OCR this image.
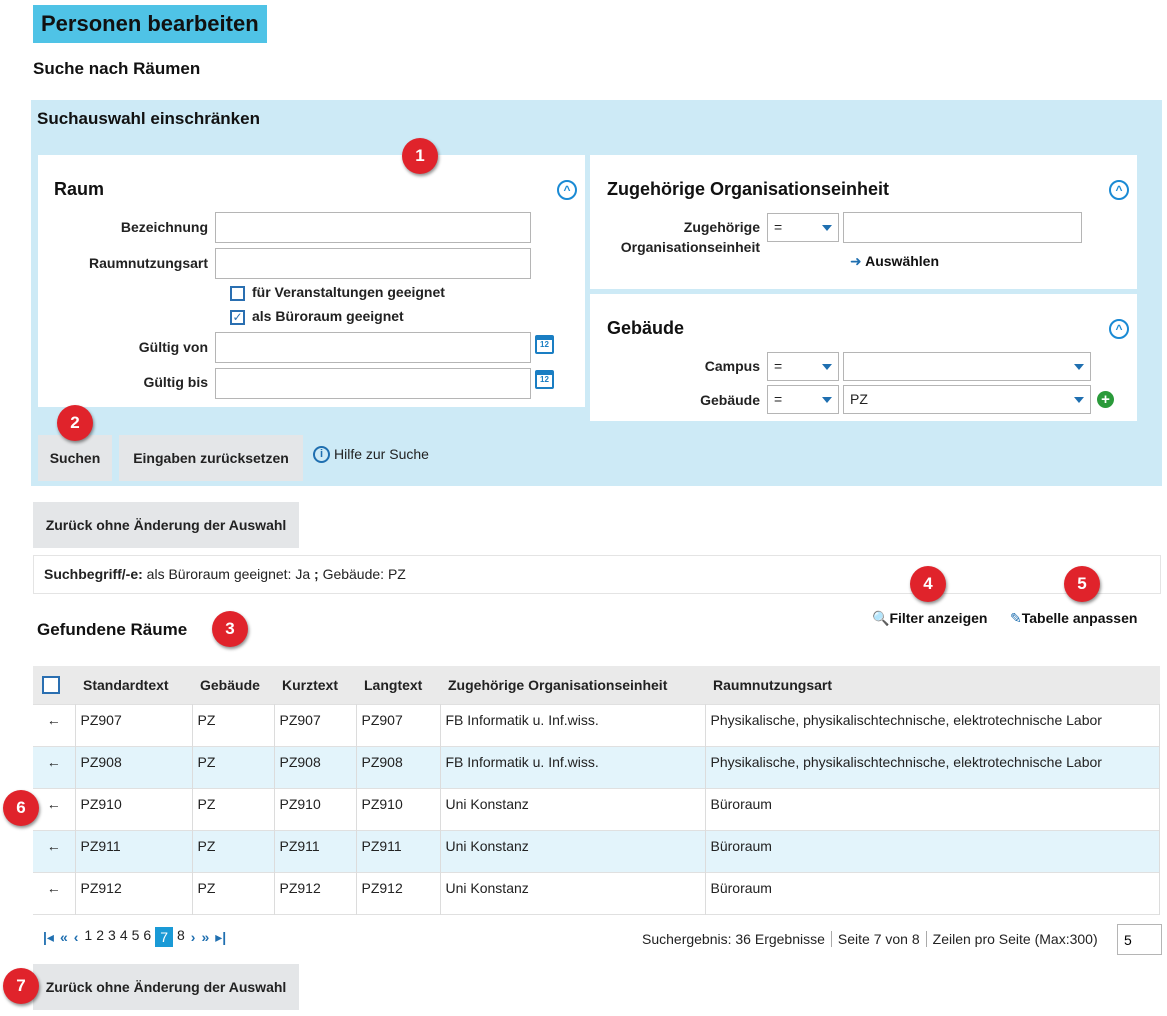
Personen bearbeiten
Suche nach Räumen
Suchauswahl einschränken
Raum	^
Bezeichnung
Raumnutzungsart
für Veranstaltungen geeignet
✓ als Büroraum geeignet
Gültig von	12
Gültig bis	12
Zugehörige Organisationseinheit	^
Zugehörige
Organisationseinheit
=
➜ Auswählen
Gebäude	^
Campus	=
Gebäude	=	PZ	+
Suchen	Eingaben zurücksetzen	i Hilfe zur Suche
Zurück ohne Änderung der Auswahl
Suchbegriff/-e: als Büroraum geeignet: Ja ; Gebäude: PZ
Gefundene Räume
🔍Filter anzeigen ✎Tabelle anpassen
	Standardtext	Gebäude	Kurztext	Langtext	Zugehörige Organisationseinheit	Raumnutzungsart
←	PZ907	PZ	PZ907	PZ907	FB Informatik u. Inf.wiss.	Physikalische, physikalischtechnische, elektrotechnische Labor
←	PZ908	PZ	PZ908	PZ908	FB Informatik u. Inf.wiss.	Physikalische, physikalischtechnische, elektrotechnische Labor
←	PZ910	PZ	PZ910	PZ910	Uni Konstanz	Büroraum
←	PZ911	PZ	PZ911	PZ911	Uni Konstanz	Büroraum
←	PZ912	PZ	PZ912	PZ912	Uni Konstanz	Büroraum
|◂ « ‹ 1 2 3 4 5 6 7 8 › » ▸|	Suchergebnis: 36 Ergebnisse Seite 7 von 8 Zeilen pro Seite (Max:300)
5
Zurück ohne Änderung der Auswahl
1
2
3
4	5
6
7
